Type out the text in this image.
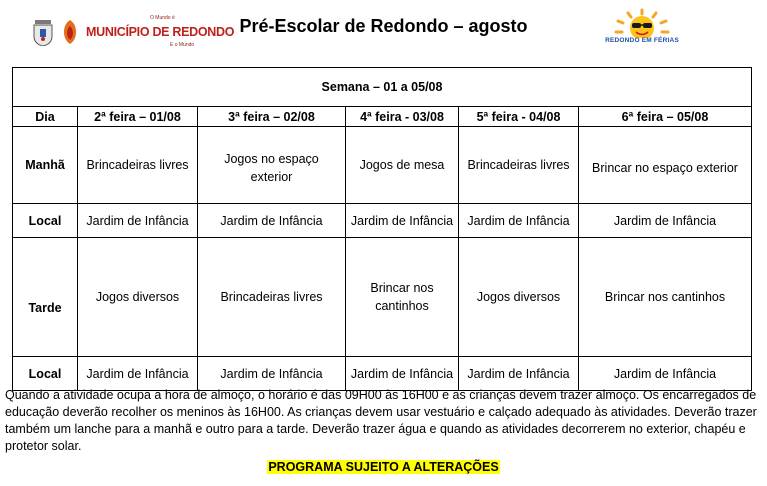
O Mundo é
MUNICÍPIO DE REDONDO
E o Mundo
Pré-Escolar de Redondo – agosto
REDONDO EM FÉRIAS
Semana – 01 a 05/08					
Dia	2ª feira – 01/08	3ª feira – 02/08	4ª feira - 03/08	5ª feira - 04/08	6ª feira – 05/08
Manhã	Brincadeiras livres	Jogos no espaço exterior	Jogos de mesa	Brincadeiras livres	Brincar no espaço exterior
Local	Jardim de Infância	Jardim de Infância	Jardim de Infância	Jardim de Infância	Jardim de Infância
Tarde	Jogos diversos	Brincadeiras livres	Brincar nos cantinhos	Jogos diversos	Brincar nos cantinhos
Local	Jardim de Infância	Jardim de Infância	Jardim de Infância	Jardim de Infância	Jardim de Infância
Quando a atividade ocupa a hora de almoço, o horário é das 09H00 às 16H00 e as crianças devem trazer almoço. Os encarregados de educação deverão recolher os meninos às 16H00. As crianças devem usar vestuário e calçado adequado às atividades. Deverão trazer também um lanche para a manhã e outro para a tarde. Deverão trazer água e quando as atividades decorrerem no exterior, chapéu e protetor solar.
PROGRAMA SUJEITO A ALTERAÇÕES
